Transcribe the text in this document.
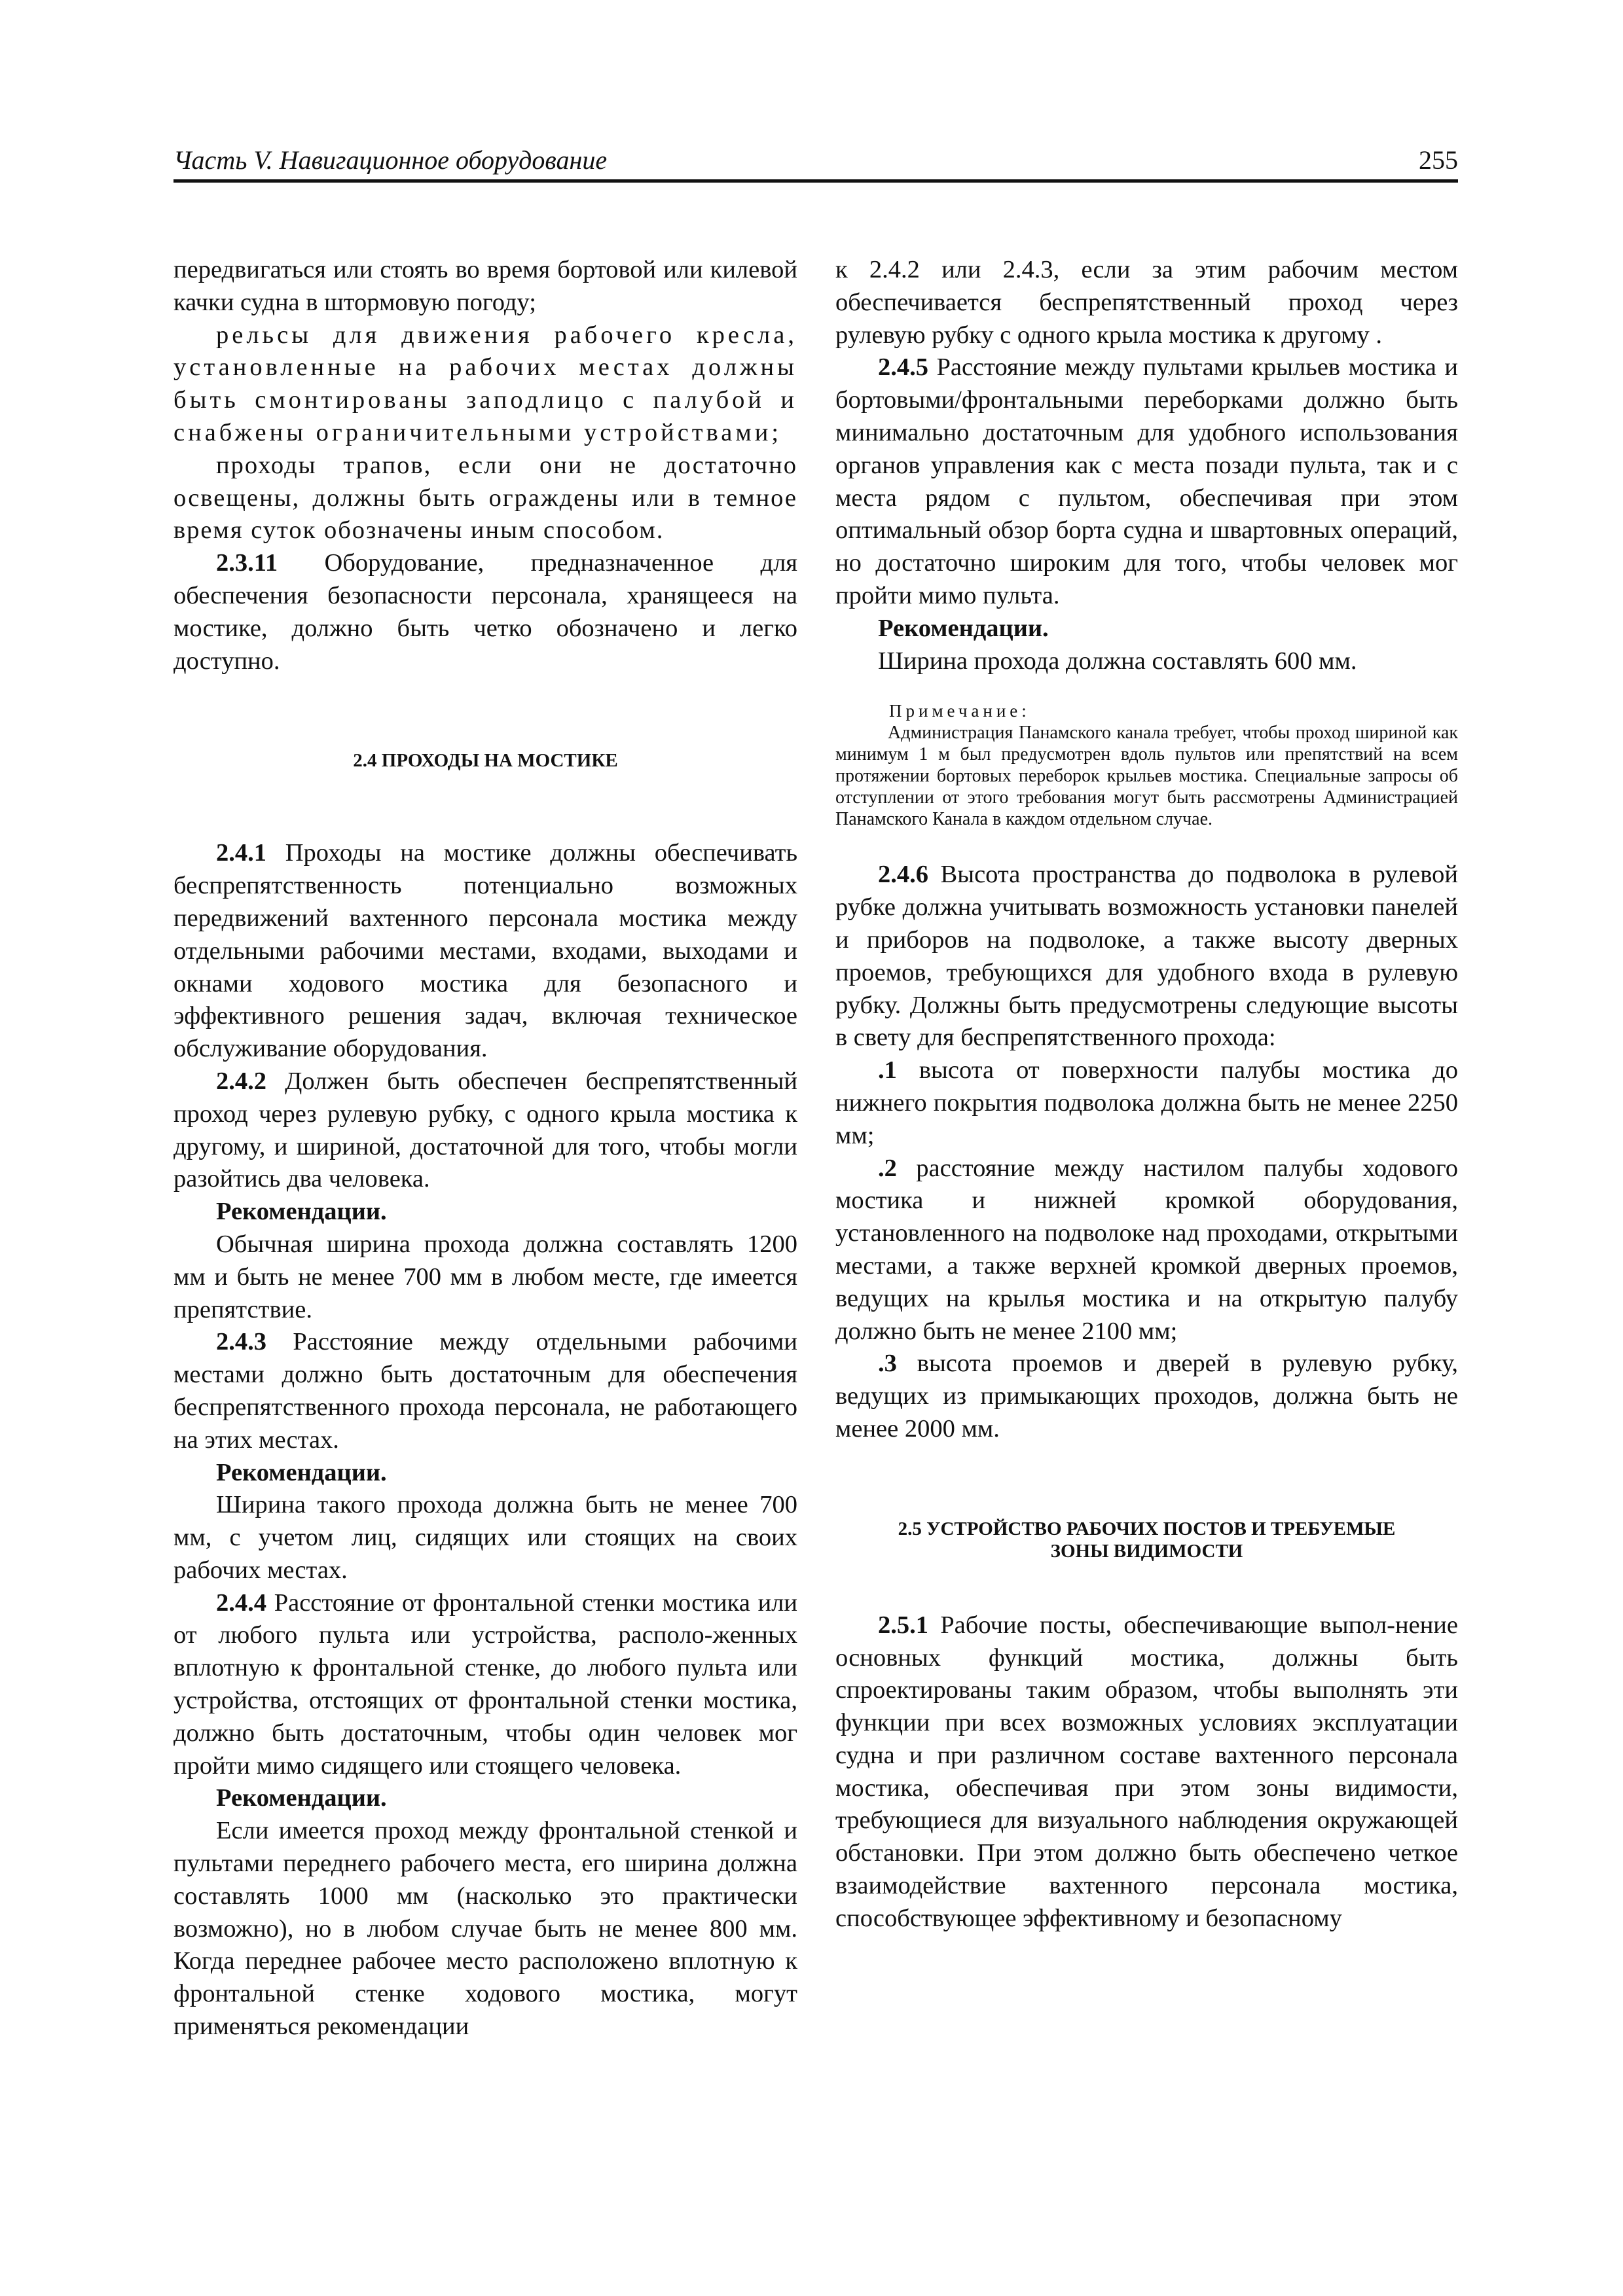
Часть V. Навигационное оборудование	255

передвигаться или стоять во время бортовой или килевой качки судна в штормовую погоду;

рельсы для движения рабочего кресла, установленные на рабочих местах должны быть смонтированы заподлицо с палубой и снабжены ограничительными устройствами;

проходы трапов, если они не достаточно освещены, должны быть ограждены или в темное время суток обозначены иным способом.

2.3.11 Оборудование, предназначенное для обеспечения безопасности персонала, хранящееся на мостике, должно быть четко обозначено и легко доступно.

2.4 ПРОХОДЫ НА МОСТИКЕ

2.4.1 Проходы на мостике должны обеспечивать беспрепятственность потенциально возможных передвижений вахтенного персонала мостика между отдельными рабочими местами, входами, выходами и окнами ходового мостика для безопасного и эффективного решения задач, включая техническое обслуживание оборудования.

2.4.2 Должен быть обеспечен беспрепятственный проход через рулевую рубку, с одного крыла мостика к другому, и шириной, достаточной для того, чтобы могли разойтись два человека.

Рекомендации.

Обычная ширина прохода должна составлять 1200 мм и быть не менее 700 мм в любом месте, где имеется препятствие.

2.4.3 Расстояние между отдельными рабочими местами должно быть достаточным для обеспечения беспрепятственного прохода персонала, не работающего на этих местах.

Рекомендации.

Ширина такого прохода должна быть не менее 700 мм, с учетом лиц, сидящих или стоящих на своих рабочих местах.

2.4.4 Расстояние от фронтальной стенки мостика или от любого пульта или устройства, располо-женных вплотную к фронтальной стенке, до любого пульта или устройства, отстоящих от фронтальной стенки мостика, должно быть достаточным, чтобы один человек мог пройти мимо сидящего или стоящего человека.

Рекомендации.

Если имеется проход между фронтальной стенкой и пультами переднего рабочего места, его ширина должна составлять 1000 мм (насколько это практически возможно), но в любом случае быть не менее 800 мм. Когда переднее рабочее место расположено вплотную к фронтальной стенке ходового мостика, могут применяться рекомендации

к 2.4.2 или 2.4.3, если за этим рабочим местом обеспечивается беспрепятственный проход через рулевую рубку с одного крыла мостика к другому .

2.4.5 Расстояние между пультами крыльев мостика и бортовыми/фронтальными переборками должно быть минимально достаточным для удобного использования органов управления как с места позади пульта, так и с места рядом с пультом, обеспечивая при этом оптимальный обзор борта судна и швартовных операций, но достаточно широким для того, чтобы человек мог пройти мимо пульта.

Рекомендации.

Ширина прохода должна составлять 600 мм.

Примечание:

Администрация Панамского канала требует, чтобы проход шириной как минимум 1 м был предусмотрен вдоль пультов или препятствий на всем протяжении бортовых переборок крыльев мостика. Специальные запросы об отступлении от этого требования могут быть рассмотрены Администрацией Панамского Канала в каждом отдельном случае.

2.4.6 Высота пространства до подволока в рулевой рубке должна учитывать возможность установки панелей и приборов на подволоке, а также высоту дверных проемов, требующихся для удобного входа в рулевую рубку. Должны быть предусмотрены следующие высоты в свету для беспрепятственного прохода:

.1 высота от поверхности палубы мостика до нижнего покрытия подволока должна быть не менее 2250 мм;

.2 расстояние между настилом палубы ходового мостика и нижней кромкой оборудования, установленного на подволоке над проходами, открытыми местами, а также верхней кромкой дверных проемов, ведущих на крылья мостика и на открытую палубу должно быть не менее 2100 мм;

.3 высота проемов и дверей в рулевую рубку, ведущих из примыкающих проходов, должна быть не менее 2000 мм.

2.5 УСТРОЙСТВО РАБОЧИХ ПОСТОВ И ТРЕБУЕМЫЕ
ЗОНЫ ВИДИМОСТИ

2.5.1 Рабочие посты, обеспечивающие выпол-нение основных функций мостика, должны быть спроектированы таким образом, чтобы выполнять эти функции при всех возможных условиях эксплуатации судна и при различном составе вахтенного персонала мостика, обеспечивая при этом зоны видимости, требующиеся для визуального наблюдения окружающей обстановки. При этом должно быть обеспечено четкое взаимодействие вахтенного персонала мостика, способствующее эффективному и безопасному
